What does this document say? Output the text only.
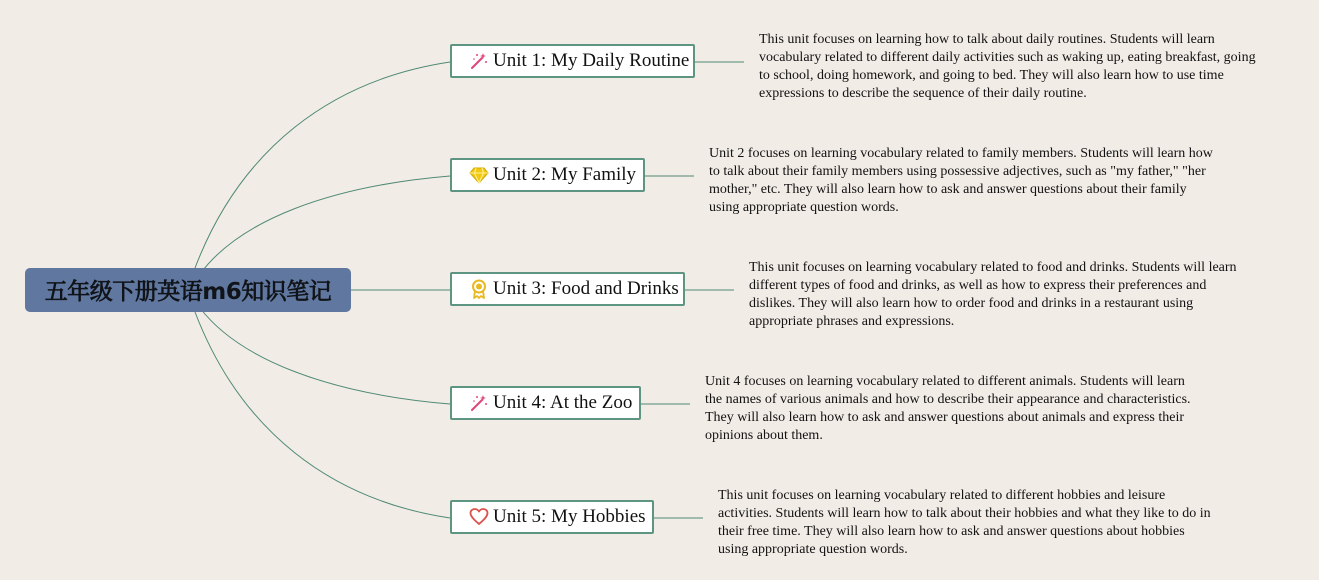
五年级下册英语m6知识笔记
Unit 1: My Daily Routine
This unit focuses on learning how to talk about daily routines. Students will learn vocabulary related to different daily activities such as waking up, eating breakfast, going to school, doing homework, and going to bed. They will also learn how to use time expressions to describe the sequence of their daily routine.
Unit 2: My Family
Unit 2 focuses on learning vocabulary related to family members. Students will learn how to talk about their family members using possessive adjectives, such as "my father," "her mother," etc. They will also learn how to ask and answer questions about their family using appropriate question words.
Unit 3: Food and Drinks
This unit focuses on learning vocabulary related to food and drinks. Students will learn different types of food and drinks, as well as how to express their preferences and dislikes. They will also learn how to order food and drinks in a restaurant using appropriate phrases and expressions.
Unit 4: At the Zoo
Unit 4 focuses on learning vocabulary related to different animals. Students will learn the names of various animals and how to describe their appearance and characteristics. They will also learn how to ask and answer questions about animals and express their opinions about them.
Unit 5: My Hobbies
This unit focuses on learning vocabulary related to different hobbies and leisure activities. Students will learn how to talk about their hobbies and what they like to do in their free time. They will also learn how to ask and answer questions about hobbies using appropriate question words.
